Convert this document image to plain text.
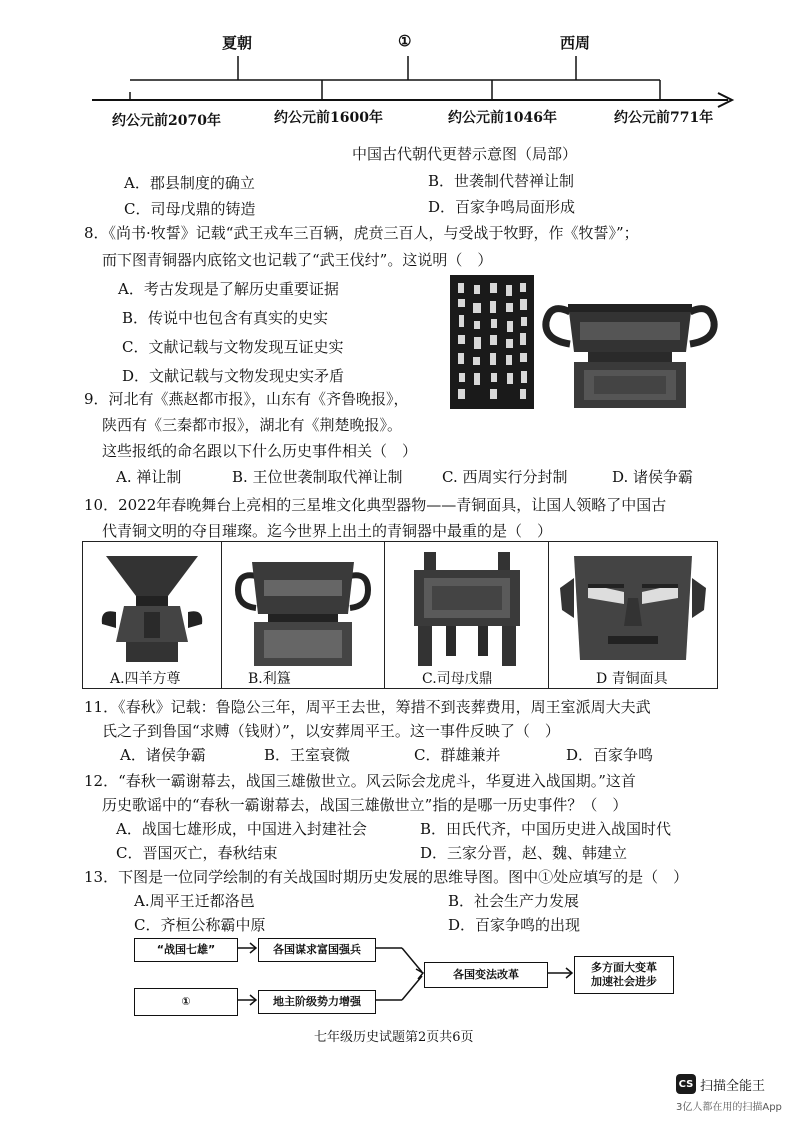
夏朝	①	西周
约公元前2070年	约公元前1600年	约公元前1046年	约公元前771年
中国古代朝代更替示意图（局部）
A．郡县制度的确立	B．世袭制代替禅让制
C．司母戊鼎的铸造	D．百家争鸣局面形成
8．《尚书·牧誓》记载“武王戎车三百辆，虎贲三百人，与受战于牧野，作《牧誓》”；
而下图青铜器内底铭文也记载了“武王伐纣”。这说明（　）
A．考古发现是了解历史重要证据
B．传说中也包含有真实的史实
C．文献记载与文物发现互证史实
D．文献记载与文物发现史实矛盾
9．河北有《燕赵都市报》，山东有《齐鲁晚报》，
陕西有《三秦都市报》，湖北有《荆楚晚报》。
这些报纸的命名跟以下什么历史事件相关（　）
A. 禅让制	B. 王位世袭制取代禅让制	C. 西周实行分封制	D. 诸侯争霸
10．2022年春晚舞台上亮相的三星堆文化典型器物——青铜面具，让国人领略了中国古
代青铜文明的夺目璀璨。迄今世界上出土的青铜器中最重的是（　）
A.四羊方尊	B.利簋	C.司母戊鼎	D 青铜面具
11．《春秋》记载：鲁隐公三年，周平王去世，筹措不到丧葬费用，周王室派周大夫武
氏之子到鲁国“求赙（钱财）”，以安葬周平王。这一事件反映了（　）
A．诸侯争霸	B．王室衰微	C．群雄兼并	D．百家争鸣
12．“春秋一霸谢幕去，战国三雄傲世立。风云际会龙虎斗，华夏进入战国期。”这首
历史歌谣中的“春秋一霸谢幕去，战国三雄傲世立”指的是哪一历史事件？（　）
A．战国七雄形成，中国进入封建社会	B．田氏代齐，中国历史进入战国时代
C．晋国灭亡，春秋结束	D．三家分晋，赵、魏、韩建立
13．下图是一位同学绘制的有关战国时期历史发展的思维导图。图中①处应填写的是（　）
A.周平王迁都洛邑	B．社会生产力发展
C．齐桓公称霸中原	D．百家争鸣的出现
“战国七雄”	各国谋求富国强兵
①	地主阶级势力增强
各国变法改革
多方面大变革
加速社会进步
七年级历史试题第2页共6页
CS 扫描全能王
3亿人都在用的扫描App
